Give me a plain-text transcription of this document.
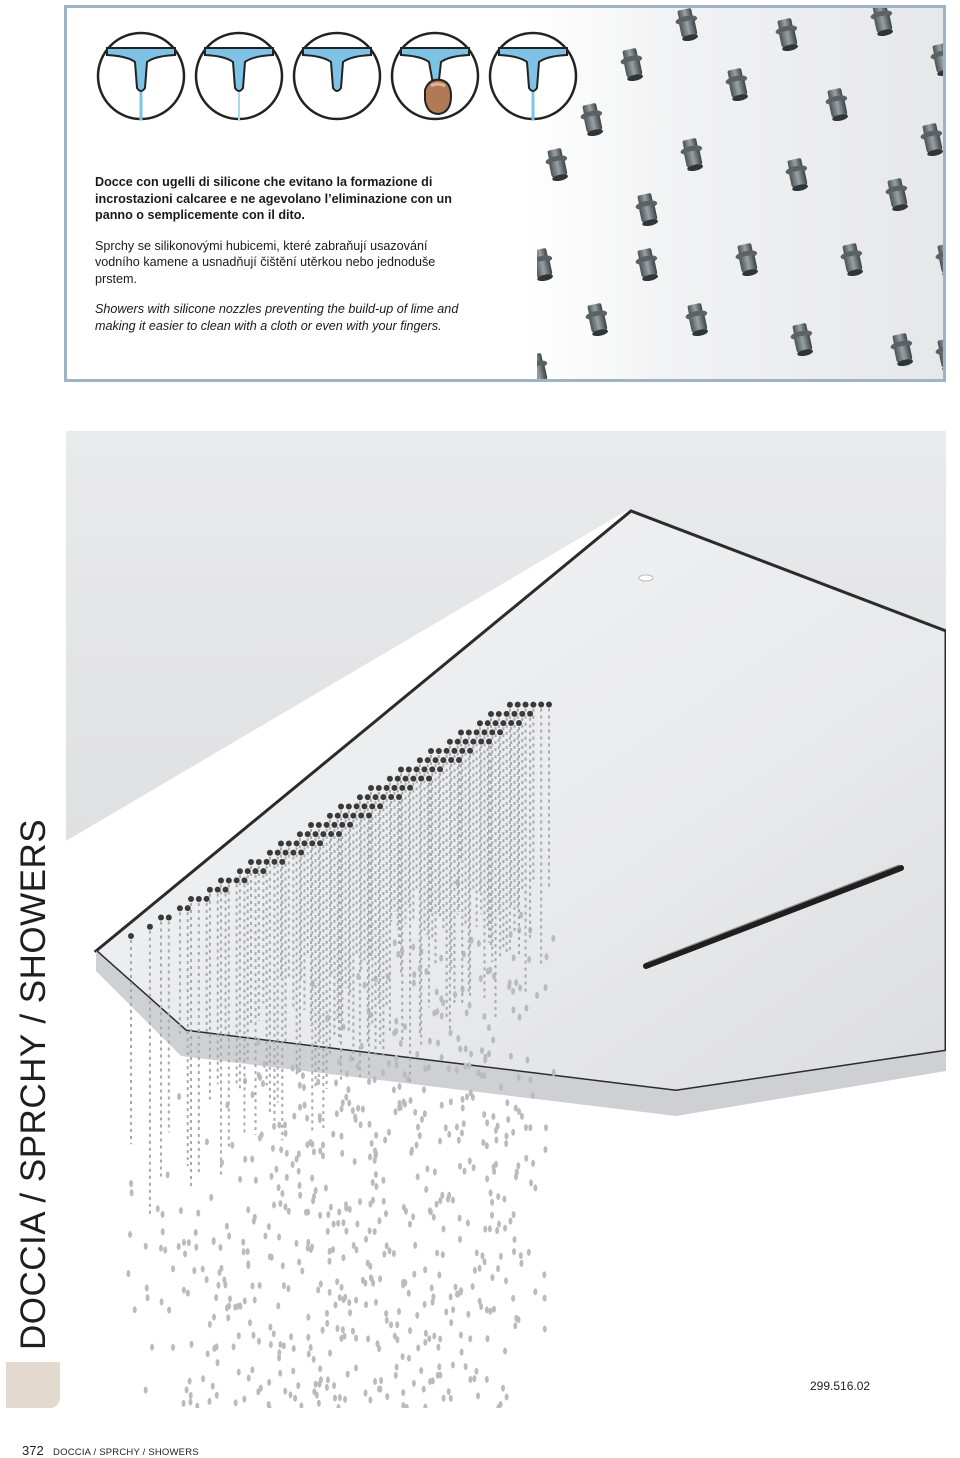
Docce con ugelli di silicone che evitano la formazione di incrostazioni calcaree e ne agevolano l’eliminazione con un panno o semplicemente con il dito.

Sprchy se silikonovými hubicemi, které zabraňují usazování vodního kamene a usnadňují čištění utěrkou nebo jednoduše prstem.

Showers with silicone nozzles preventing the build-up of lime and making it easier to clean with a cloth or even with your fingers.

299.516.02
DOCCIA / SPRCHY / SHOWERS
372 DOCCIA / SPRCHY / SHOWERS
